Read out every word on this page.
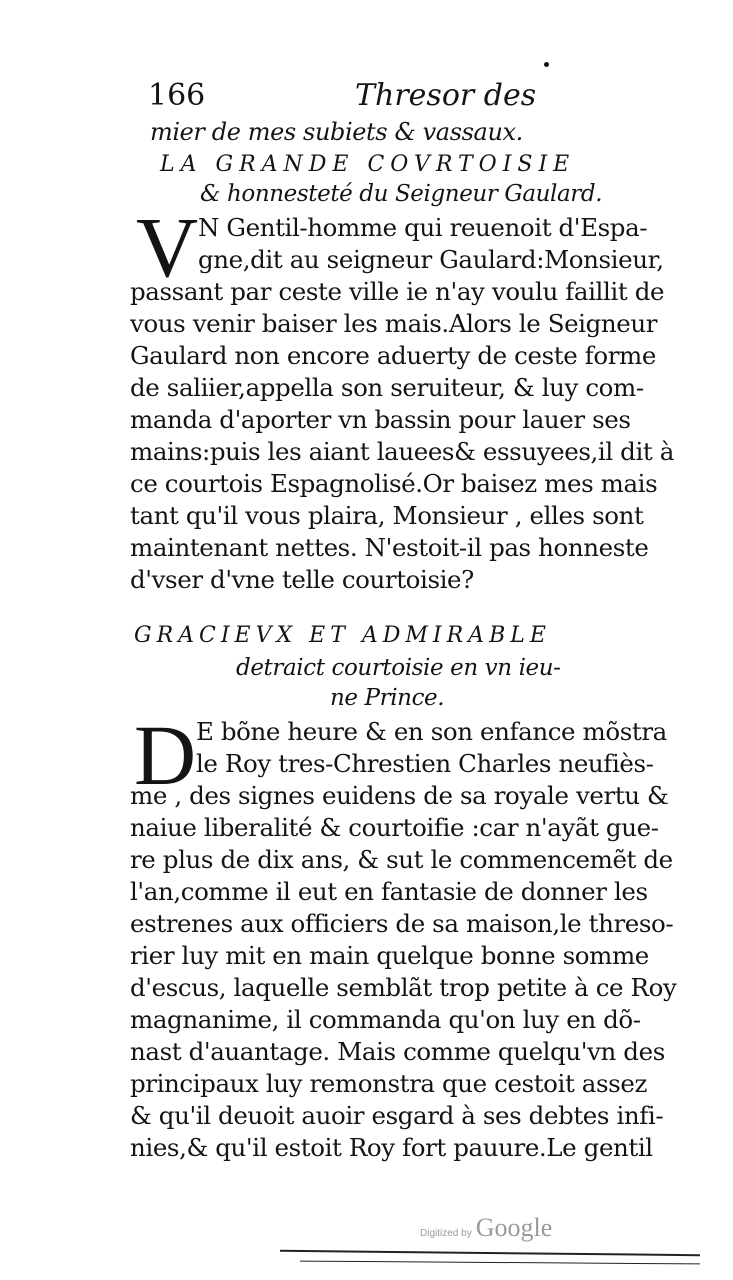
166	Thresor des
mier de mes subiets & vassaux.
LA GRANDE COVRTOISIE
& honnesteté du Seigneur Gaulard.
V N Gentil-homme qui reuenoit d'Espa-
gne,dit au seigneur Gaulard:Monsieur,
passant par ceste ville ie n'ay voulu faillit de
vous venir baiser les mais.Alors le Seigneur
Gaulard non encore aduerty de ceste forme
de saliier,appella son seruiteur, & luy com-
manda d'aporter vn bassin pour lauer ses
mains:puis les aiant lauees& essuyees,il dit à
ce courtois Espagnolisé.Or baisez mes mais
tant qu'il vous plaira, Monsieur , elles sont
maintenant nettes. N'estoit-il pas honneste
d'vser d'vne telle courtoisie?
GRACIEVX ET ADMIRABLE
detraict courtoisie en vn ieu-
ne Prince.
D E bõne heure & en son enfance mõstra
le Roy tres-Chrestien Charles neufiès-
me , des signes euidens de sa royale vertu &
naiue liberalité & courtoifie :car n'ayãt gue-
re plus de dix ans, & sut le commencemẽt de
l'an,comme il eut en fantasie de donner les
estrenes aux officiers de sa maison,le thresо-
rier luy mit en main quelque bonne somme
d'escus, laquelle semblãt trop petite à ce Roy
magnanime, il commanda qu'on luy en dõ-
nast d'auantage. Mais comme quelqu'vn des
principaux luy remonstra que cestoit assez
& qu'il deuoit auoir esgard à ses debtes infi-
nies,& qu'il estoit Roy fort pauure.Le gentil
Digitized by Google
